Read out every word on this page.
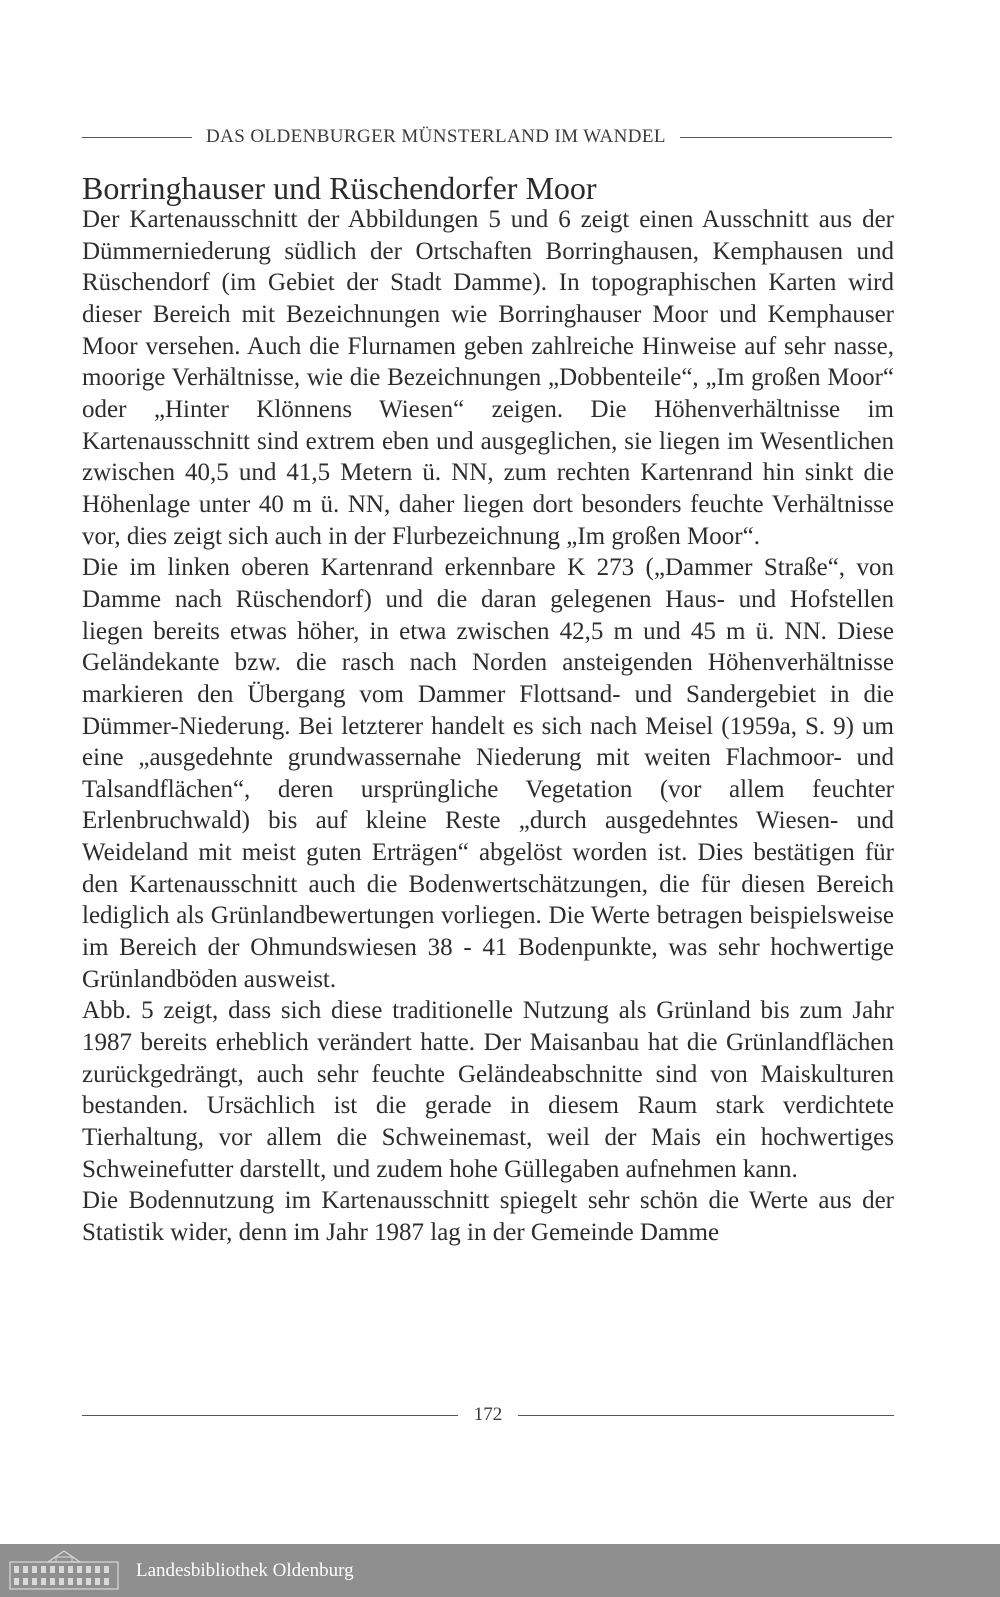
DAS OLDENBURGER MÜNSTERLAND IM WANDEL
Borringhauser und Rüschendorfer Moor

Der Kartenausschnitt der Abbildungen 5 und 6 zeigt einen Ausschnitt aus der Dümmerniederung südlich der Ortschaften Borringhausen, Kemphausen und Rüschendorf (im Gebiet der Stadt Damme). In topographischen Karten wird dieser Bereich mit Bezeichnungen wie Borringhauser Moor und Kemphauser Moor versehen. Auch die Flurnamen geben zahlreiche Hinweise auf sehr nasse, moorige Verhältnisse, wie die Bezeichnungen „Dobbenteile“, „Im großen Moor“ oder „Hinter Klönnens Wiesen“ zeigen. Die Höhenverhältnisse im Kartenausschnitt sind extrem eben und ausgeglichen, sie liegen im Wesentlichen zwischen 40,5 und 41,5 Metern ü. NN, zum rechten Kartenrand hin sinkt die Höhenlage unter 40 m ü. NN, daher liegen dort besonders feuchte Verhältnisse vor, dies zeigt sich auch in der Flurbezeichnung „Im großen Moor“.

Die im linken oberen Kartenrand erkennbare K 273 („Dammer Straße“, von Damme nach Rüschendorf) und die daran gelegenen Haus- und Hofstellen liegen bereits etwas höher, in etwa zwischen 42,5 m und 45 m ü. NN. Diese Geländekante bzw. die rasch nach Norden ansteigenden Höhenverhältnisse markieren den Übergang vom Dammer Flottsand- und Sandergebiet in die Dümmer-Niederung. Bei letzterer handelt es sich nach Meisel (1959a, S. 9) um eine „ausgedehnte grundwassernahe Niederung mit weiten Flachmoor- und Talsandflächen“, deren ursprüngliche Vegetation (vor allem feuchter Erlenbruchwald) bis auf kleine Reste „durch ausgedehntes Wiesen- und Weideland mit meist guten Erträgen“ abgelöst worden ist. Dies bestätigen für den Kartenausschnitt auch die Bodenwertschätzungen, die für diesen Bereich lediglich als Grünlandbewertungen vorliegen. Die Werte betragen beispielsweise im Bereich der Ohmundswiesen 38 - 41 Bodenpunkte, was sehr hochwertige Grünlandböden ausweist.

Abb. 5 zeigt, dass sich diese traditionelle Nutzung als Grünland bis zum Jahr 1987 bereits erheblich verändert hatte. Der Maisanbau hat die Grünlandflächen zurückgedrängt, auch sehr feuchte Geländeabschnitte sind von Maiskulturen bestanden. Ursächlich ist die gerade in diesem Raum stark verdichtete Tierhaltung, vor allem die Schweinemast, weil der Mais ein hochwertiges Schweinefutter darstellt, und zudem hohe Güllegaben aufnehmen kann.

Die Bodennutzung im Kartenausschnitt spiegelt sehr schön die Werte aus der Statistik wider, denn im Jahr 1987 lag in der Gemeinde Damme

172
Landesbibliothek Oldenburg
